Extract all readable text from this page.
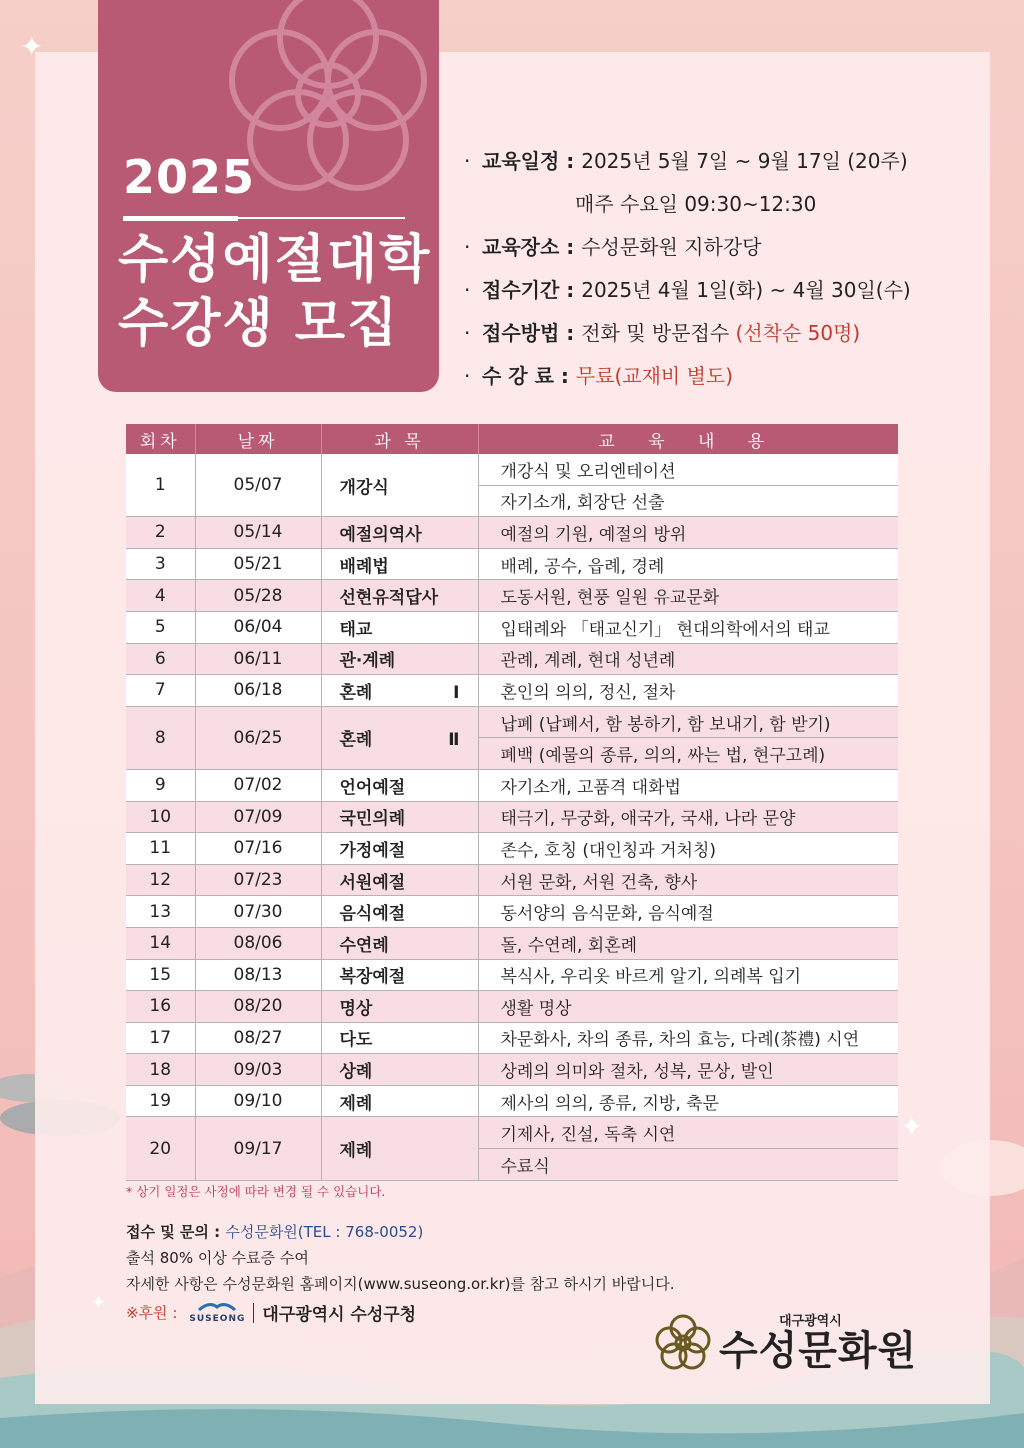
✦
✦
✦
2025
수성예절대학
수강생 모집
· 교육일정 : 2025년 5월 7일 ~ 9월 17일 (20주)
매주 수요일 09:30~12:30
· 교육장소 : 수성문화원 지하강당
· 접수기간 : 2025년 4월 1일(화) ~ 4월 30일(수)
· 접수방법 : 전화 및 방문접수 (선착순 50명)
· 수 강 료 : 무료(교재비 별도)
회차	날짜	과 목	교 육 내 용
1	05/07	개강식	개강식 및 오리엔테이션
			자기소개, 회장단 선출
2	05/14	예절의역사	예절의 기원, 예절의 방위
3	05/21	배례법	배례, 공수, 읍례, 경례
4	05/28	선현유적답사	도동서원, 현풍 일원 유교문화
5	06/04	태교	입태례와 「태교신기」 현대의학에서의 태교
6	06/11	관·계례	관례, 계례, 현대 성년례
7	06/18	혼례Ⅰ	혼인의 의의, 정신, 절차
8	06/25	혼례Ⅱ	납폐 (납폐서, 함 봉하기, 함 보내기, 함 받기)
			폐백 (예물의 종류, 의의, 싸는 법, 현구고례)
9	07/02	언어예절	자기소개, 고품격 대화법
10	07/09	국민의례	태극기, 무궁화, 애국가, 국새, 나라 문양
11	07/16	가정예절	존수, 호칭 (대인칭과 거처칭)
12	07/23	서원예절	서원 문화, 서원 건축, 향사
13	07/30	음식예절	동서양의 음식문화, 음식예절
14	08/06	수연례	돌, 수연례, 회혼례
15	08/13	복장예절	복식사, 우리옷 바르게 알기, 의례복 입기
16	08/20	명상	생활 명상
17	08/27	다도	차문화사, 차의 종류, 차의 효능, 다례(茶禮) 시연
18	09/03	상례	상례의 의미와 절차, 성복, 문상, 발인
19	09/10	제례	제사의 의의, 종류, 지방, 축문
20	09/17	제례	기제사, 진설, 독축 시연
			수료식
* 상기 일정은 사정에 따라 변경 될 수 있습니다.
접수 및 문의 : 수성문화원(TEL : 768-0052)
출석 80% 이상 수료증 수여
자세한 사항은 수성문화원 홈페이지(www.suseong.or.kr)를 참고 하시기 바랍니다.
※후원 : SUSEONG 대구광역시 수성구청	대구광역시
수성문화원
